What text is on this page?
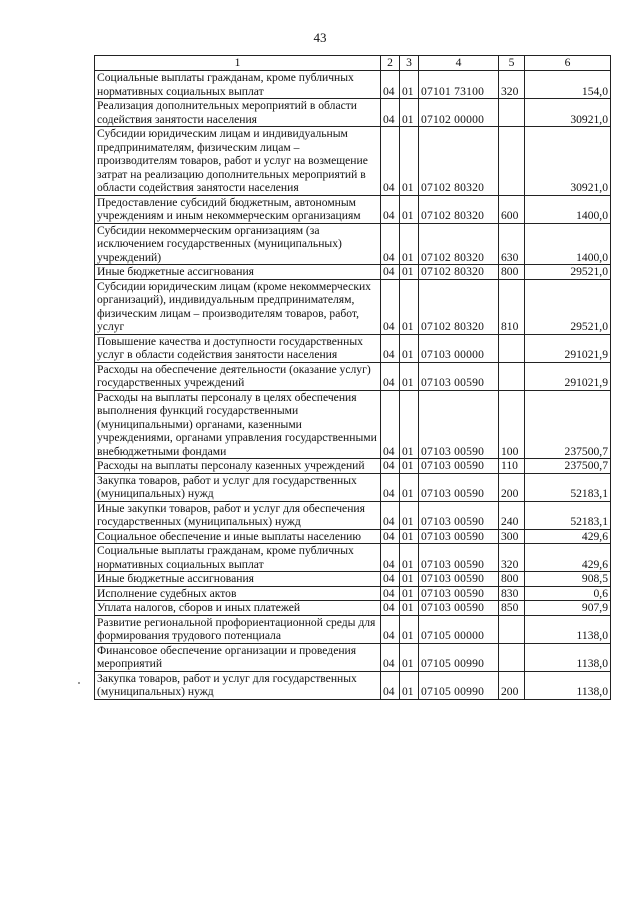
43
1	2	3	4	5	6
Социальные выплаты гражданам, кроме публичных нормативных социальных выплат	04	01	07101 73100	320	154,0
Реализация дополнительных мероприятий в области содействия занятости населения	04	01	07102 00000		30921,0
Субсидии юридическим лицам и индивидуальным предпринимателям, физическим лицам – производителям товаров, работ и услуг на возмещение затрат на реализацию дополнительных мероприятий в области содействия занятости населения	04	01	07102 80320		30921,0
Предоставление субсидий бюджетным, автономным учреждениям и иным некоммерческим организациям	04	01	07102 80320	600	1400,0
Субсидии некоммерческим организациям (за исключением государственных (муниципальных) учреждений)	04	01	07102 80320	630	1400,0
Иные бюджетные ассигнования	04	01	07102 80320	800	29521,0
Субсидии юридическим лицам (кроме некоммерческих организаций), индивидуальным предпринимателям, физическим лицам – производителям товаров, работ, услуг	04	01	07102 80320	810	29521,0
Повышение качества и доступности государственных услуг в области содействия занятости населения	04	01	07103 00000		291021,9
Расходы на обеспечение деятельности (оказание услуг) государственных учреждений	04	01	07103 00590		291021,9
Расходы на выплаты персоналу в целях обеспечения выполнения функций государственными (муниципальными) органами, казенными учреждениями, органами управления государственными внебюджетными фондами	04	01	07103 00590	100	237500,7
Расходы на выплаты персоналу казенных учреждений	04	01	07103 00590	110	237500,7
Закупка товаров, работ и услуг для государственных (муниципальных) нужд	04	01	07103 00590	200	52183,1
Иные закупки товаров, работ и услуг для обеспечения государственных (муниципальных) нужд	04	01	07103 00590	240	52183,1
Социальное обеспечение и иные выплаты населению	04	01	07103 00590	300	429,6
Социальные выплаты гражданам, кроме публичных нормативных социальных выплат	04	01	07103 00590	320	429,6
Иные бюджетные ассигнования	04	01	07103 00590	800	908,5
Исполнение судебных актов	04	01	07103 00590	830	0,6
Уплата налогов, сборов и иных платежей	04	01	07103 00590	850	907,9
Развитие региональной профориентационной среды для формирования трудового потенциала	04	01	07105 00000		1138,0
Финансовое обеспечение организации и проведения мероприятий	04	01	07105 00990		1138,0
Закупка товаров, работ и услуг для государственных (муниципальных) нужд	04	01	07105 00990	200	1138,0
